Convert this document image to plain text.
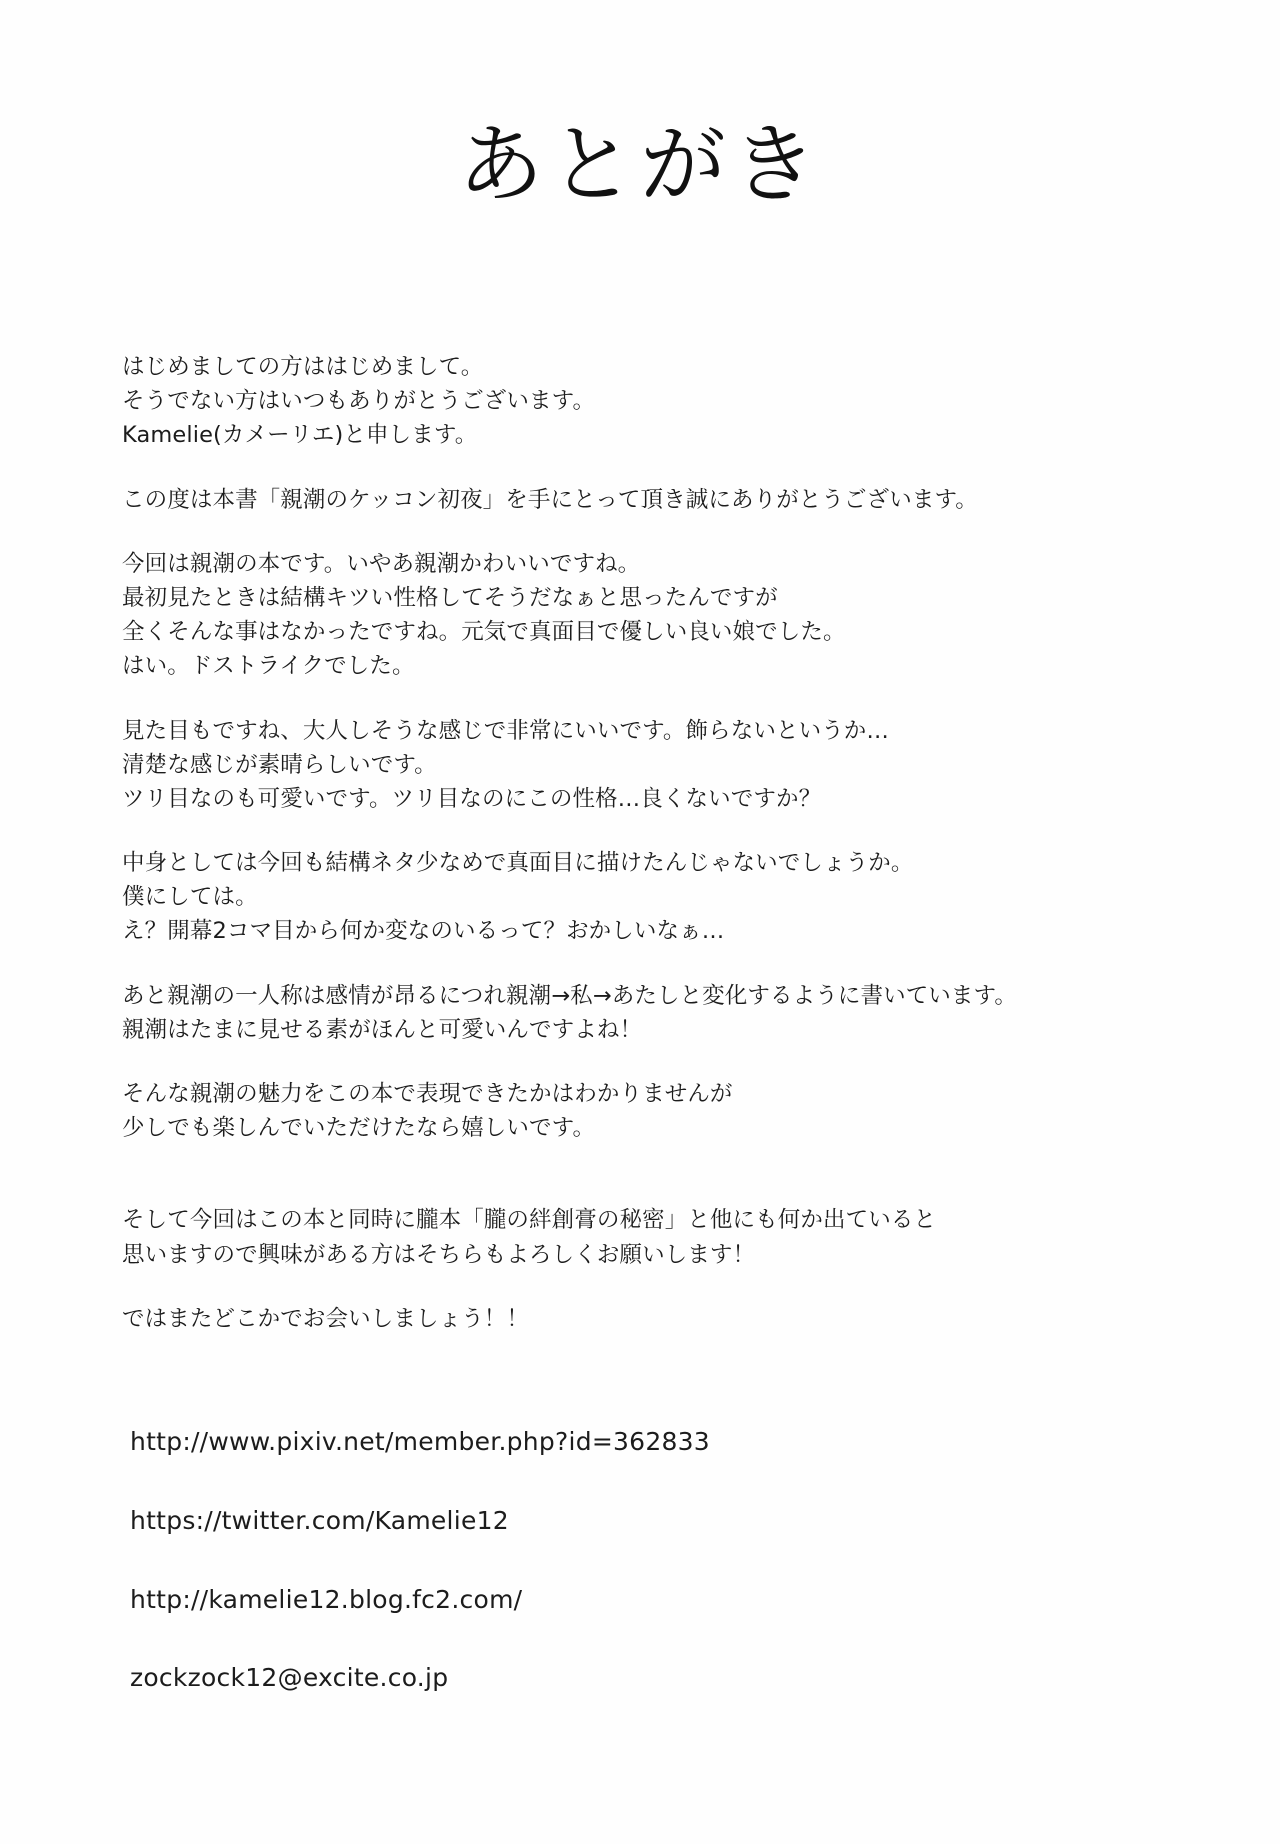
あとがき
はじめましての方ははじめまして。
そうでない方はいつもありがとうございます。
Kamelie(カメーリエ)と申します。
この度は本書「親潮のケッコン初夜」を手にとって頂き誠にありがとうございます。
今回は親潮の本です。いやあ親潮かわいいですね。
最初見たときは結構キツい性格してそうだなぁと思ったんですが
全くそんな事はなかったですね。元気で真面目で優しい良い娘でした。
はい。ドストライクでした。
見た目もですね、大人しそうな感じで非常にいいです。飾らないというか…
清楚な感じが素晴らしいです。
ツリ目なのも可愛いです。ツリ目なのにこの性格…良くないですか？
中身としては今回も結構ネタ少なめで真面目に描けたんじゃないでしょうか。
僕にしては。
え？開幕2コマ目から何か変なのいるって？おかしいなぁ…
あと親潮の一人称は感情が昂るにつれ親潮→私→あたしと変化するように書いています。
親潮はたまに見せる素がほんと可愛いんですよね！
そんな親潮の魅力をこの本で表現できたかはわかりませんが
少しでも楽しんでいただけたなら嬉しいです。
そして今回はこの本と同時に朧本「朧の絆創膏の秘密」と他にも何か出ていると
思いますので興味がある方はそちらもよろしくお願いします！
ではまたどこかでお会いしましょう！！
http://www.pixiv.net/member.php?id=362833
https://twitter.com/Kamelie12
http://kamelie12.blog.fc2.com/
zockzock12@excite.co.jp
